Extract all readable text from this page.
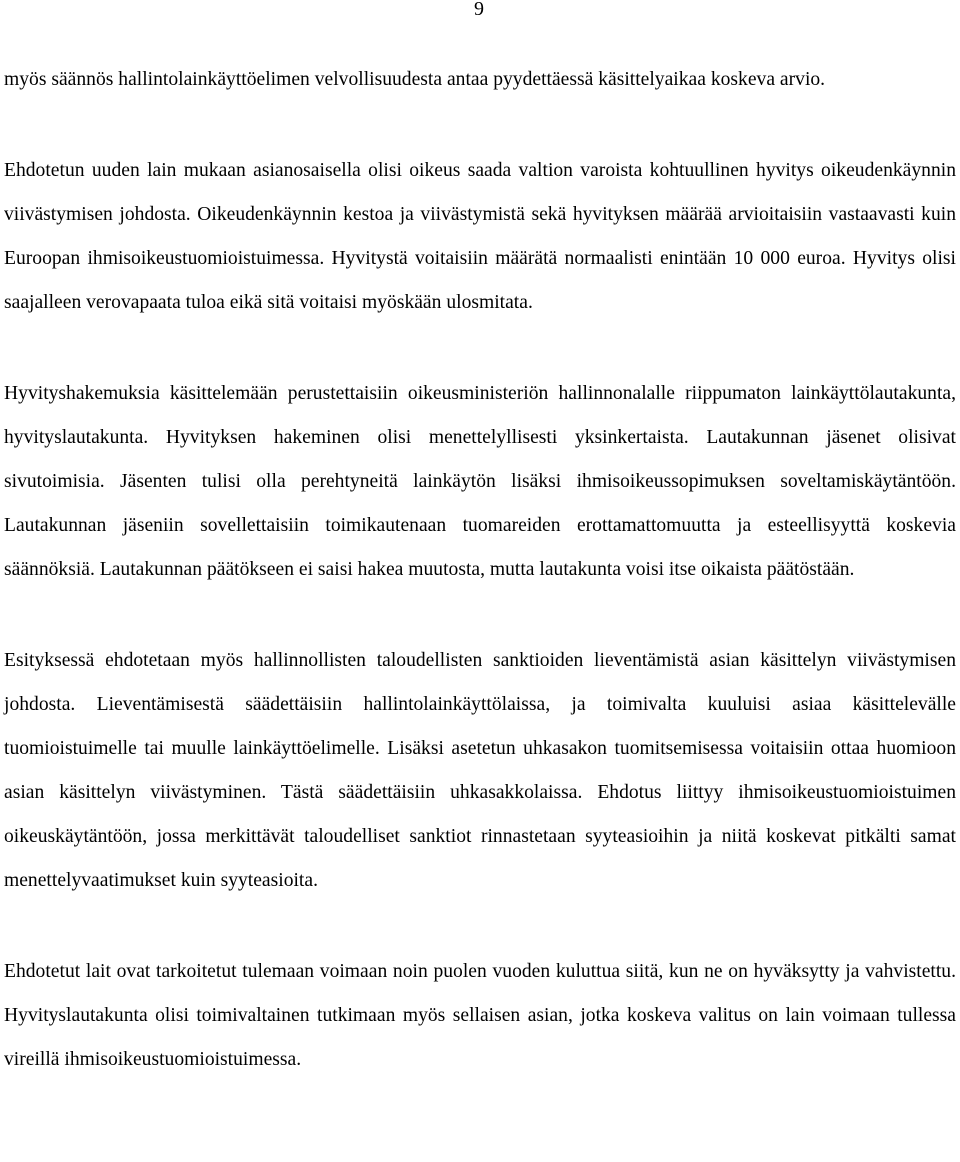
9

myös säännös hallintolainkäyttöelimen velvollisuudesta antaa pyydettäessä käsittelyaikaa koskeva arvio.

Ehdotetun uuden lain mukaan asianosaisella olisi oikeus saada valtion varoista kohtuullinen hyvitys oikeudenkäynnin viivästymisen johdosta. Oikeudenkäynnin kestoa ja viivästymistä sekä hyvityksen määrää arvioitaisiin vastaavasti kuin Euroopan ihmisoikeustuomioistuimessa. Hyvitystä voitaisiin määrätä normaalisti enintään 10 000 euroa. Hyvitys olisi saajalleen verovapaata tuloa eikä sitä voitaisi myöskään ulosmitata.

Hyvityshakemuksia käsittelemään perustettaisiin oikeusministeriön hallinnonalalle riippumaton lainkäyttölautakunta, hyvityslautakunta. Hyvityksen hakeminen olisi menettelyllisesti yksinkertaista. Lautakunnan jäsenet olisivat sivutoimisia. Jäsenten tulisi olla perehtyneitä lainkäytön lisäksi ihmisoikeussopimuksen soveltamiskäytäntöön. Lautakunnan jäseniin sovellettaisiin toimikautenaan tuomareiden erottamattomuutta ja esteellisyyttä koskevia säännöksiä. Lautakunnan päätökseen ei saisi hakea muutosta, mutta lautakunta voisi itse oikaista päätöstään.

Esityksessä ehdotetaan myös hallinnollisten taloudellisten sanktioiden lieventämistä asian käsittelyn viivästymisen johdosta. Lieventämisestä säädettäisiin hallintolainkäyttölaissa, ja toimivalta kuuluisi asiaa käsittelevälle tuomioistuimelle tai muulle lainkäyttöelimelle. Lisäksi asetetun uhkasakon tuomitsemisessa voitaisiin ottaa huomioon asian käsittelyn viivästyminen. Tästä säädettäisiin uhkasakkolaissa. Ehdotus liittyy ihmisoikeustuomioistuimen oikeuskäytäntöön, jossa merkittävät taloudelliset sanktiot rinnastetaan syyteasioihin ja niitä koskevat pitkälti samat menettelyvaatimukset kuin syyteasioita.

Ehdotetut lait ovat tarkoitetut tulemaan voimaan noin puolen vuoden kuluttua siitä, kun ne on hyväksytty ja vahvistettu. Hyvityslautakunta olisi toimivaltainen tutkimaan myös sellaisen asian, jotka koskeva valitus on lain voimaan tullessa vireillä ihmisoikeustuomioistuimessa.
